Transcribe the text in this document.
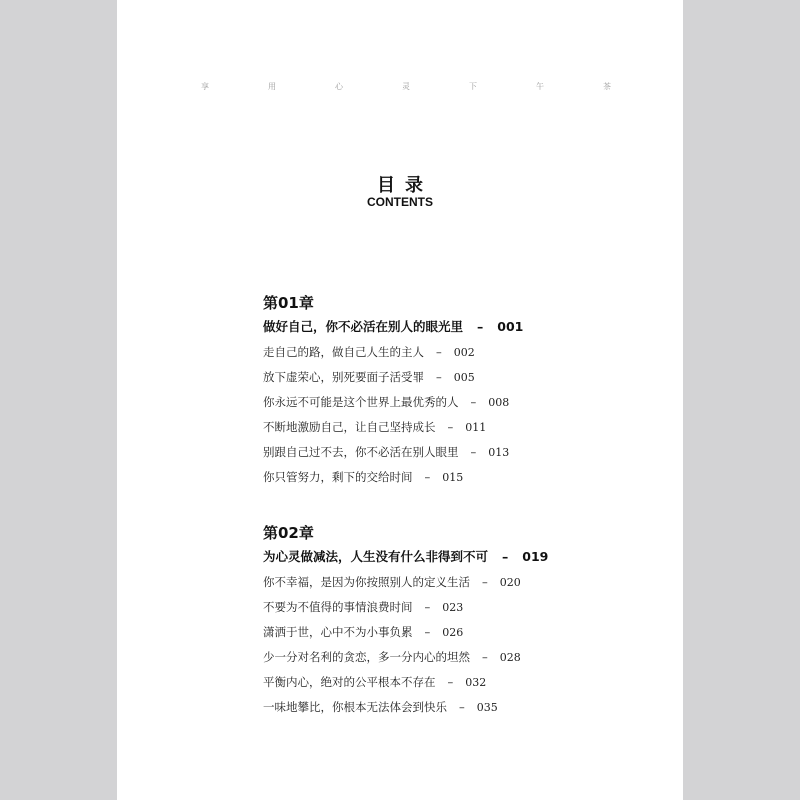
享	用	心	灵	下	午	茶
目录
CONTENTS
第01章
做好自己，你不必活在别人的眼光里 – 001
走自己的路，做自己人生的主人 – 002
放下虚荣心，别死要面子活受罪 – 005
你永远不可能是这个世界上最优秀的人 – 008
不断地激励自己，让自己坚持成长 – 011
别跟自己过不去，你不必活在别人眼里 – 013
你只管努力，剩下的交给时间 – 015
第02章
为心灵做减法，人生没有什么非得到不可 – 019
你不幸福，是因为你按照别人的定义生活 – 020
不要为不值得的事情浪费时间 – 023
潇洒于世，心中不为小事负累 – 026
少一分对名利的贪恋，多一分内心的坦然 – 028
平衡内心，绝对的公平根本不存在 – 032
一味地攀比，你根本无法体会到快乐 – 035
